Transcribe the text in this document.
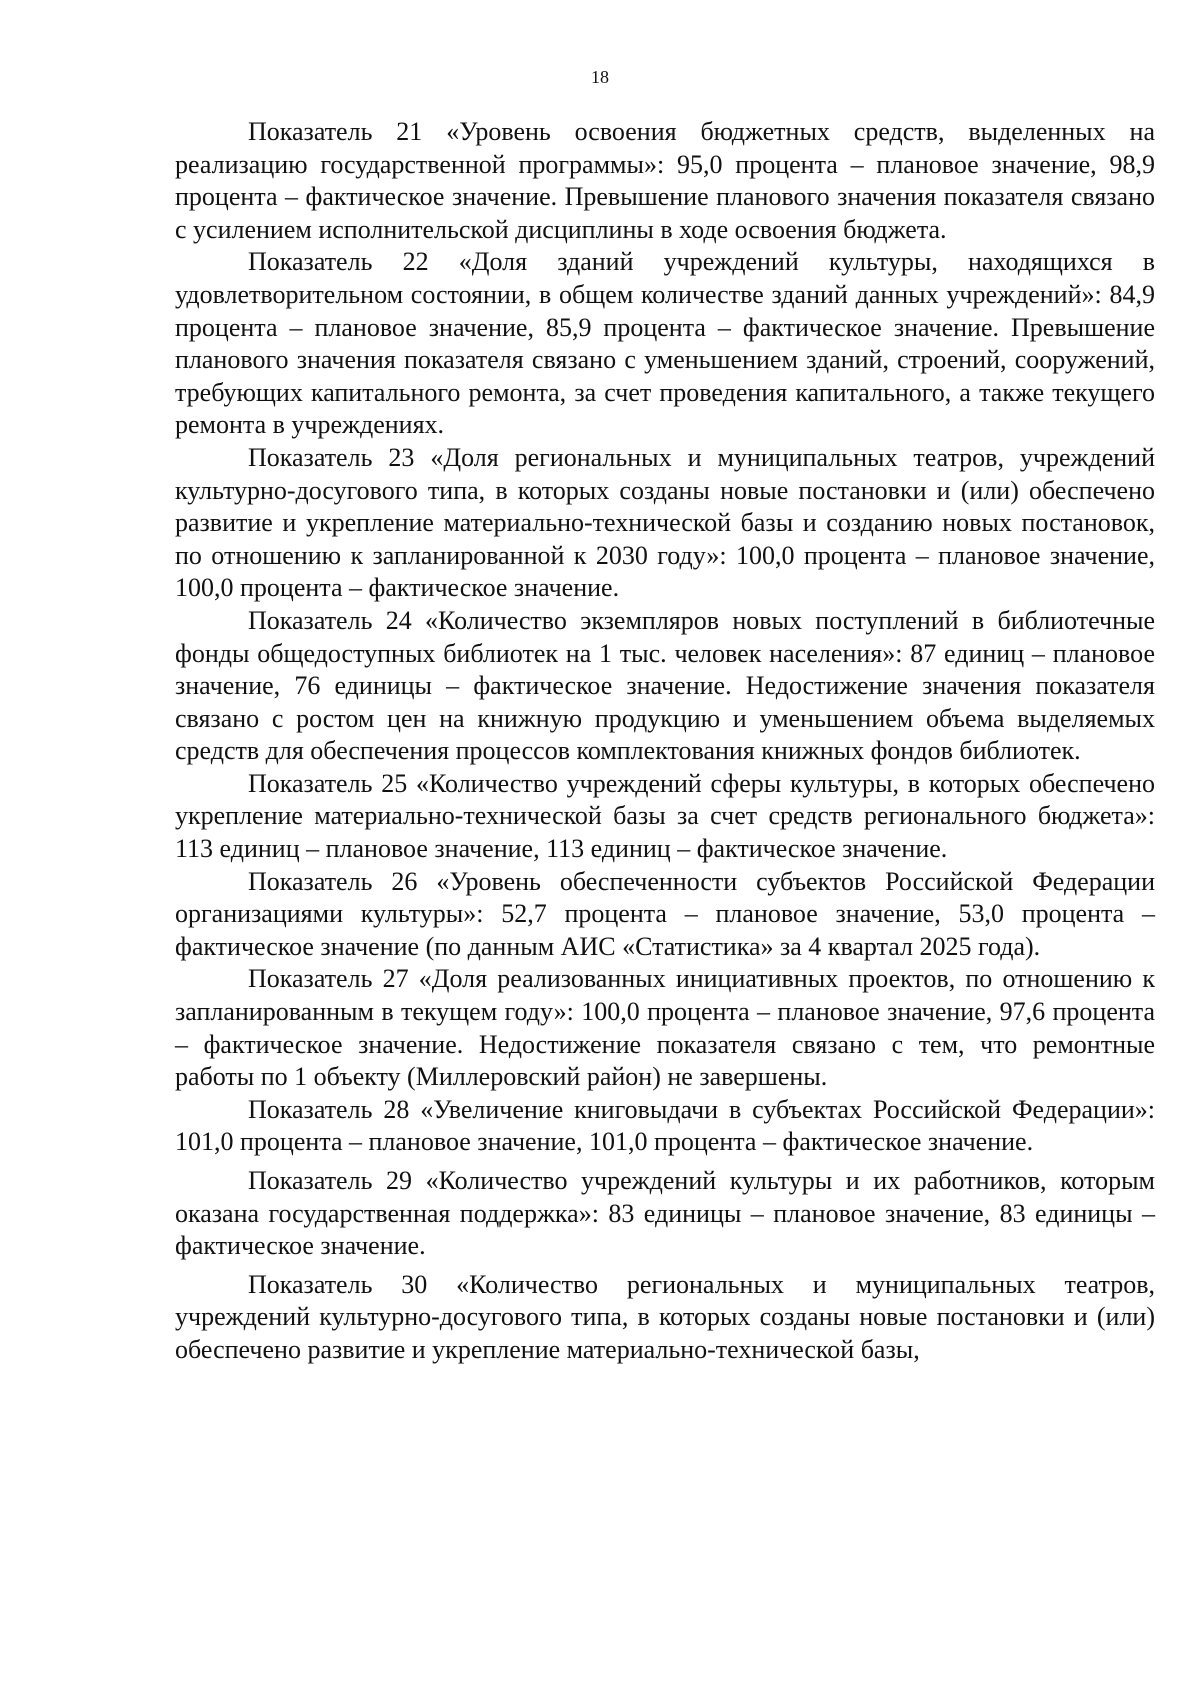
18

Показатель 21 «Уровень освоения бюджетных средств, выделенных на реализацию государственной программы»: 95,0 процента – плановое значение, 98,9 процента – фактическое значение. Превышение планового значения показателя связано с усилением исполнительской дисциплины в ходе освоения бюджета.

Показатель 22 «Доля зданий учреждений культуры, находящихся в удовлетворительном состоянии, в общем количестве зданий данных учреждений»: 84,9 процента – плановое значение, 85,9 процента – фактическое значение. Превышение планового значения показателя связано с уменьшением зданий, строений, сооружений, требующих капитального ремонта, за счет проведения капитального, а также текущего ремонта в учреждениях.

Показатель 23 «Доля региональных и муниципальных театров, учреждений культурно-досугового типа, в которых созданы новые постановки и (или) обеспечено развитие и укрепление материально-технической базы и созданию новых постановок, по отношению к запланированной к 2030 году»: 100,0 процента – плановое значение, 100,0 процента – фактическое значение.

Показатель 24 «Количество экземпляров новых поступлений в библиотечные фонды общедоступных библиотек на 1 тыс. человек населения»: 87 единиц – плановое значение, 76 единицы – фактическое значение. Недостижение значения показателя связано с ростом цен на книжную продукцию и уменьшением объема выделяемых средств для обеспечения процессов комплектования книжных фондов библиотек.

Показатель 25 «Количество учреждений сферы культуры, в которых обеспечено укрепление материально-технической базы за счет средств регионального бюджета»: 113 единиц – плановое значение, 113 единиц – фактическое значение.

Показатель 26 «Уровень обеспеченности субъектов Российской Федерации организациями культуры»: 52,7 процента – плановое значение, 53,0 процента – фактическое значение (по данным АИС «Статистика» за 4 квартал 2025 года).

Показатель 27 «Доля реализованных инициативных проектов, по отношению к запланированным в текущем году»: 100,0 процента – плановое значение, 97,6 процента – фактическое значение. Недостижение показателя связано с тем, что ремонтные работы по 1 объекту (Миллеровский район) не завершены.

Показатель 28 «Увеличение книговыдачи в субъектах Российской Федерации»: 101,0 процента – плановое значение, 101,0 процента – фактическое значение.

Показатель 29 «Количество учреждений культуры и их работников, которым оказана государственная поддержка»: 83 единицы – плановое значение, 83 единицы – фактическое значение.

Показатель 30 «Количество региональных и муниципальных театров, учреждений культурно-досугового типа, в которых созданы новые постановки и (или) обеспечено развитие и укрепление материально-технической базы,
